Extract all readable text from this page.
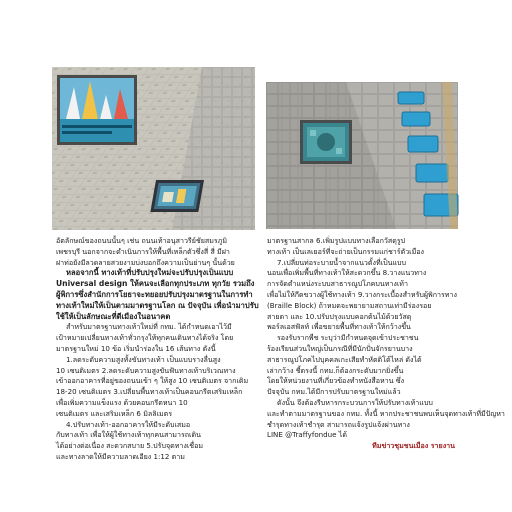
อัตลักษณ์ของถนนนั้นๆ เช่น ถนนเท้าอนุสาวรีย์ชัยสมรภูมิ

เพชรบุรี นอกจากจะดำเนินการให้พื้นที่เหล็กตัวซึ่งสี่ สี่ มีฝา

ฝาท่อยังมีลวดลายสวยงามบ่งบอกถึงความเป็นย่านๆ นั้นด้วย

หลอจากนี้ ทางเท้าที่ปรับปรุงใหม่จะปรับปรุงเป็นแบบ

Universal design ให้คนจะเลือกทุกประเภท ทุกวัย รวมถึง

ผู้พิการซึ่งสำนักการโยธาจะทยอยปรับปรุงมาตรฐานในการทำ

ทางเท้าใหม่ให้เป็นตามมาตรฐานโลก ณ ปัจจุบัน เพื่อนำมาปรับ

ใช้ให้เป็นลักษณะที่ดีเมืองในอนาคต

สำหรับมาตรฐานทางเท้าใหม่ที่ กทม. ได้กำหนดเอาไว้มี

เป้าหมายเปลี่ยนทางเท้าทั่วกรุงให้ทุกคนเดินทางได้จริง โดย

มาตรฐานใหม่ 10 ข้อ เริ่มนำร่องใน 16 เส้นทาง ดังนี้

1.ลดระดับความสูงทั้งขันทางเท้า เป็นแบบรางลื่นสูง

10 เซนติเมตร 2.ลดระดับความสูงขันฟันทางเท้าบริเวณทาง

เข้าออกอาคารที่อยู่ของถนนเข้า ๆ ให้สูง 10 เซนติเมตร จากเดิม

18-20 เซนติเมตร 3.เปลี่ยนพื้นทางเท้าเป็นคอนกรีตเสริมเหล็ก

เพื่อเพิ่มความแข็งแรง ด้วยคอนกรีตหนา 10

เซนติเมตร และเสริมเหล็ก 6 มิลลิเมตร

4.ปรับทางเท้า-ออกอาคารให้มีระดับเสมอ

กับทางเท้า เพื่อให้ผู้ใช้ทางเท้าทุกคนสามารถเดิน

ได้อย่างต่อเนื่อง สะดวกสบาย 5.ปรับจุดทางเชื่อม

และทางลาดให้มีความลาดเอียง 1:12 ตาม

มาตรฐานสากล 6.เพิ่มรูปแบบทางเลือกวัสดุรูป

ทางเท้า เป็นเลเยอร์ที่จะถ่ายเป็นกรรมแก่ชาร์ตัวเมือง

7.เปลี่ยนท่อระบายน้ำจากแนวตั้งที่เป็นแบบ

นอนเพื่อเพิ่มพื้นที่ทางเท้าให้สะดวกขึ้น 8.วางแนวทาง

การจัดตำแหน่งระบบสาธารณูปโภคบนทางเท้า

เพื่อไม่ให้กีดขวางผู้ใช้ทางเท้า 9.วางกระเบื้องสำหรับผู้พิการทาง

(Braille Block) ถ้าหมดจะพยายามสถานเท่ามีร่องรอย

สายตา และ 10.ปรับปรุงแบบคอกต้นไม้ด้วยวัสดุ

พอร์ลเอสฟัลท์ เพื่อขยายพื้นที่ทางเท้าให้กว้างขึ้น

รองรับรากพืช ระบุว่ามีกำหนดจุดเข้าประชาชน

ร้องเรียนส่วนใหญ่เป็นกรณีที่มีนักปั่นจักรยานบาง

สาธารณูปโภคไปบุคคลเกะเสียทำหัตติโต้ไหล่ ดังได้

เล่ากว้าง ชี้ตรงนี้ กทม.ก็ต้องกระดับมากยิ่งขึ้น

โดยให้หน่วยงานที่เกี่ยวข้องทำหนังสือหาน ซึ่ง

ปัจจุบัน กทม.ได้มีการปรับมาตรฐานใหม่แล้ว

ดังนั้น จึงต้องรีบหารกระบวนการให้ปรับทางเท้าแบบ

และทำตามมาตรฐานของ กทม. ทั้งนี้ หากประชาชนพบเห็นจุดทางเท้าที่มีปัญหา

ชำรุดทางเท้าชำรุด สามารถแจ้งรูปแจ้งผ่านทาง

LINE @Traffyfondue ได้

ทีมข่าวชุมชนเมือง รายงาน
